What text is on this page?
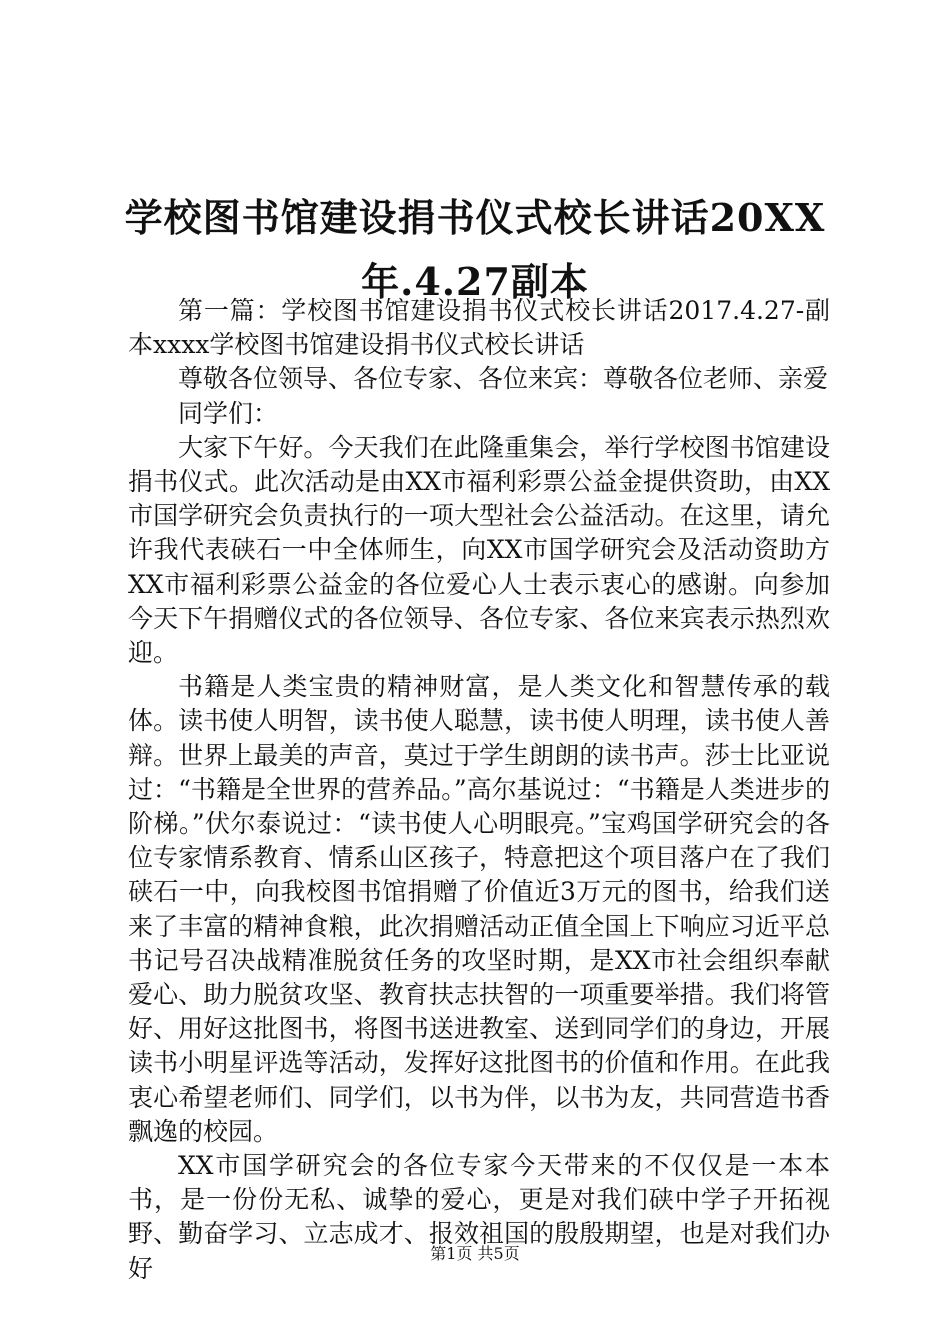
学校图书馆建设捐书仪式校长讲话20XX
年.4.27副本

第一篇：学校图书馆建设捐书仪式校长讲话2017.4.27-副本xxxx学校图书馆建设捐书仪式校长讲话

尊敬各位领导、各位专家、各位来宾：尊敬各位老师、亲爱

同学们：

大家下午好。今天我们在此隆重集会，举行学校图书馆建设捐书仪式。此次活动是由XX市福利彩票公益金提供资助，由XX市国学研究会负责执行的一项大型社会公益活动。在这里，请允许我代表硖石一中全体师生，向XX市国学研究会及活动资助方XX市福利彩票公益金的各位爱心人士表示衷心的感谢。向参加今天下午捐赠仪式的各位领导、各位专家、各位来宾表示热烈欢迎。

书籍是人类宝贵的精神财富，是人类文化和智慧传承的载体。读书使人明智，读书使人聪慧，读书使人明理，读书使人善辩。世界上最美的声音，莫过于学生朗朗的读书声。莎士比亚说过：“书籍是全世界的营养品。”高尔基说过：“书籍是人类进步的阶梯。”伏尔泰说过：“读书使人心明眼亮。”宝鸡国学研究会的各位专家情系教育、情系山区孩子，特意把这个项目落户在了我们硖石一中，向我校图书馆捐赠了价值近3万元的图书，给我们送来了丰富的精神食粮，此次捐赠活动正值全国上下响应习近平总书记号召决战精准脱贫任务的攻坚时期，是XX市社会组织奉献爱心、助力脱贫攻坚、教育扶志扶智的一项重要举措。我们将管好、用好这批图书，将图书送进教室、送到同学们的身边，开展读书小明星评选等活动，发挥好这批图书的价值和作用。在此我衷心希望老师们、同学们，以书为伴，以书为友，共同营造书香飘逸的校园。

XX市国学研究会的各位专家今天带来的不仅仅是一本本书，是一份份无私、诚挚的爱心，更是对我们硖中学子开拓视野、勤奋学习、立志成才、报效祖国的殷殷期望，也是对我们办好

第1页 共5页
